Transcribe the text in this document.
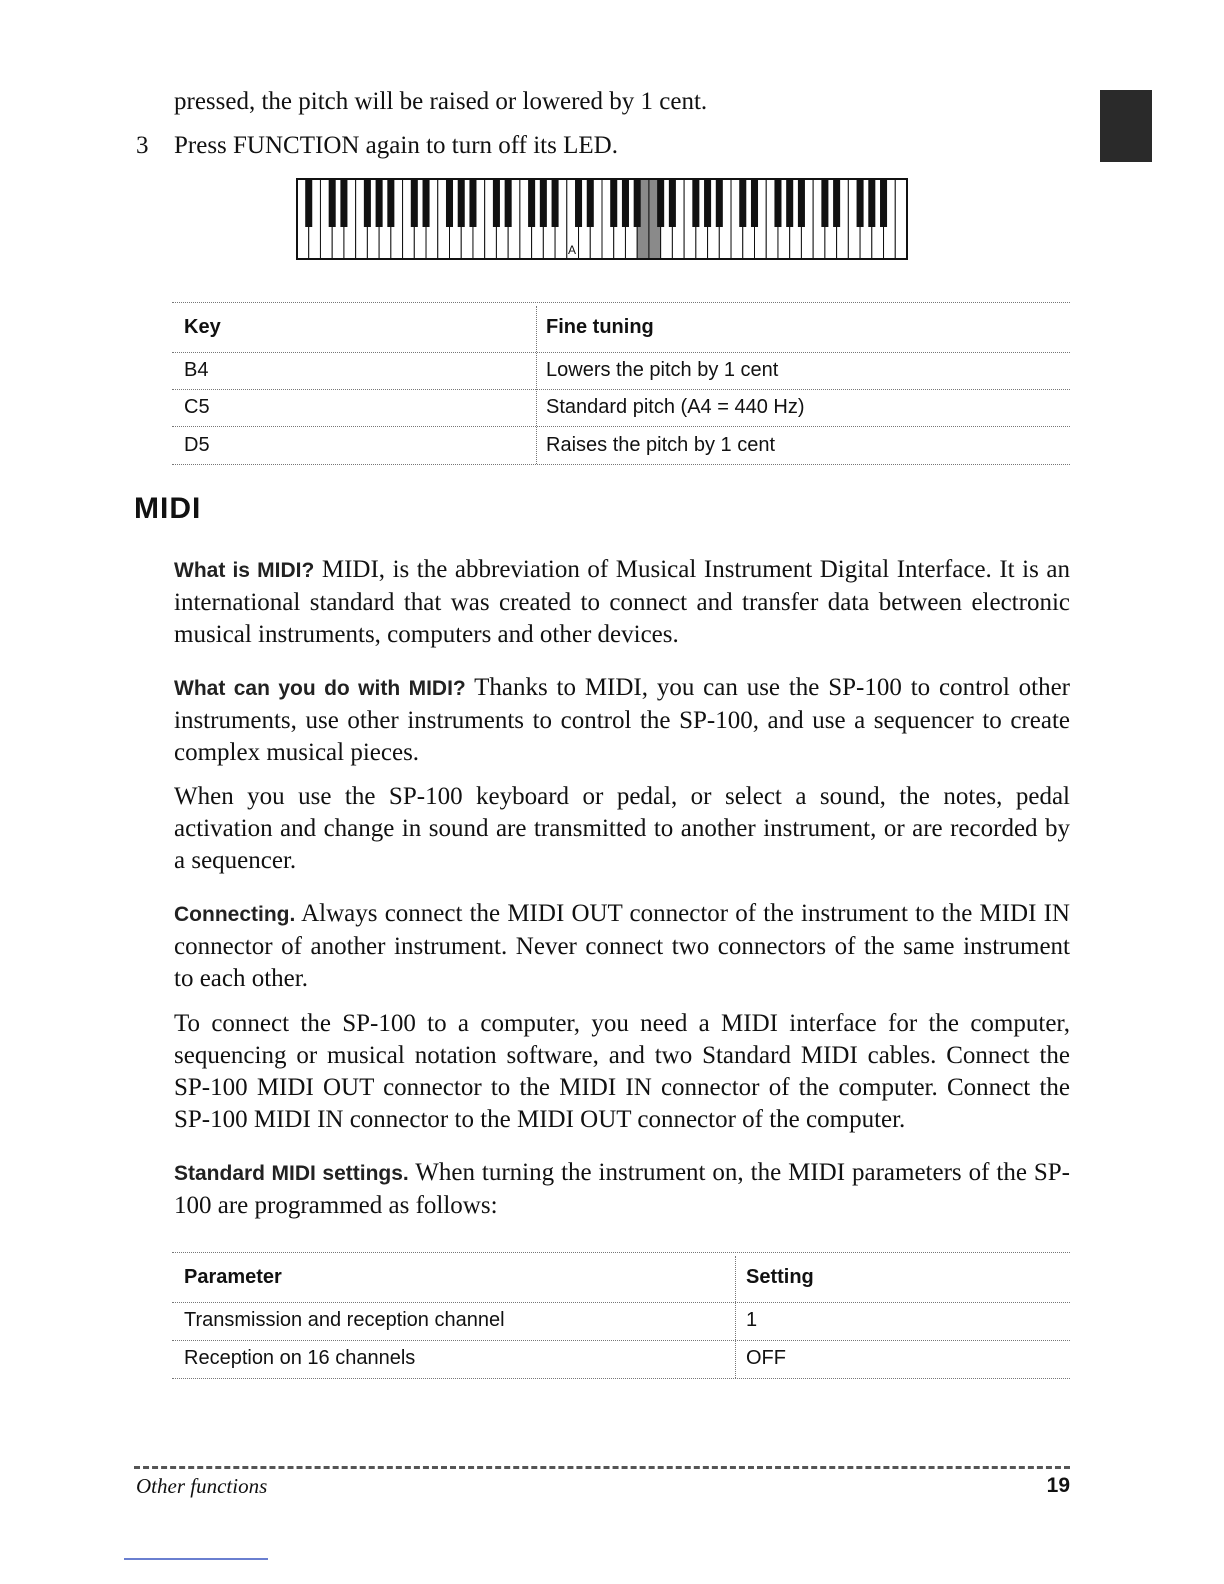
pressed, the pitch will be raised or lowered by 1 cent.
3 Press FUNCTION again to turn off its LED.
A
Key	Fine tuning
B4	Lowers the pitch by 1 cent
C5	Standard pitch (A4 = 440 Hz)
D5	Raises the pitch by 1 cent
MIDI
What is MIDI? MIDI, is the abbreviation of Musical Instrument Digital Interface. It is an international standard that was created to connect and transfer data between electronic musical instruments, computers and other devices.
What can you do with MIDI? Thanks to MIDI, you can use the SP-100 to control other instruments, use other instruments to control the SP-100, and use a sequencer to create complex musical pieces.
When you use the SP-100 keyboard or pedal, or select a sound, the notes, pedal activation and change in sound are transmitted to another instrument, or are recorded by a sequencer.
Connecting. Always connect the MIDI OUT connector of the instrument to the MIDI IN connector of another instrument. Never connect two connectors of the same instrument to each other.
To connect the SP-100 to a computer, you need a MIDI interface for the computer, sequencing or musical notation software, and two Standard MIDI cables. Connect the SP-100 MIDI OUT connector to the MIDI IN connector of the computer. Connect the SP-100 MIDI IN connector to the MIDI OUT connector of the computer.
Standard MIDI settings. When turning the instrument on, the MIDI parameters of the SP-100 are programmed as follows:
Parameter	Setting
Transmission and reception channel	1
Reception on 16 channels	OFF
Other functions	19
